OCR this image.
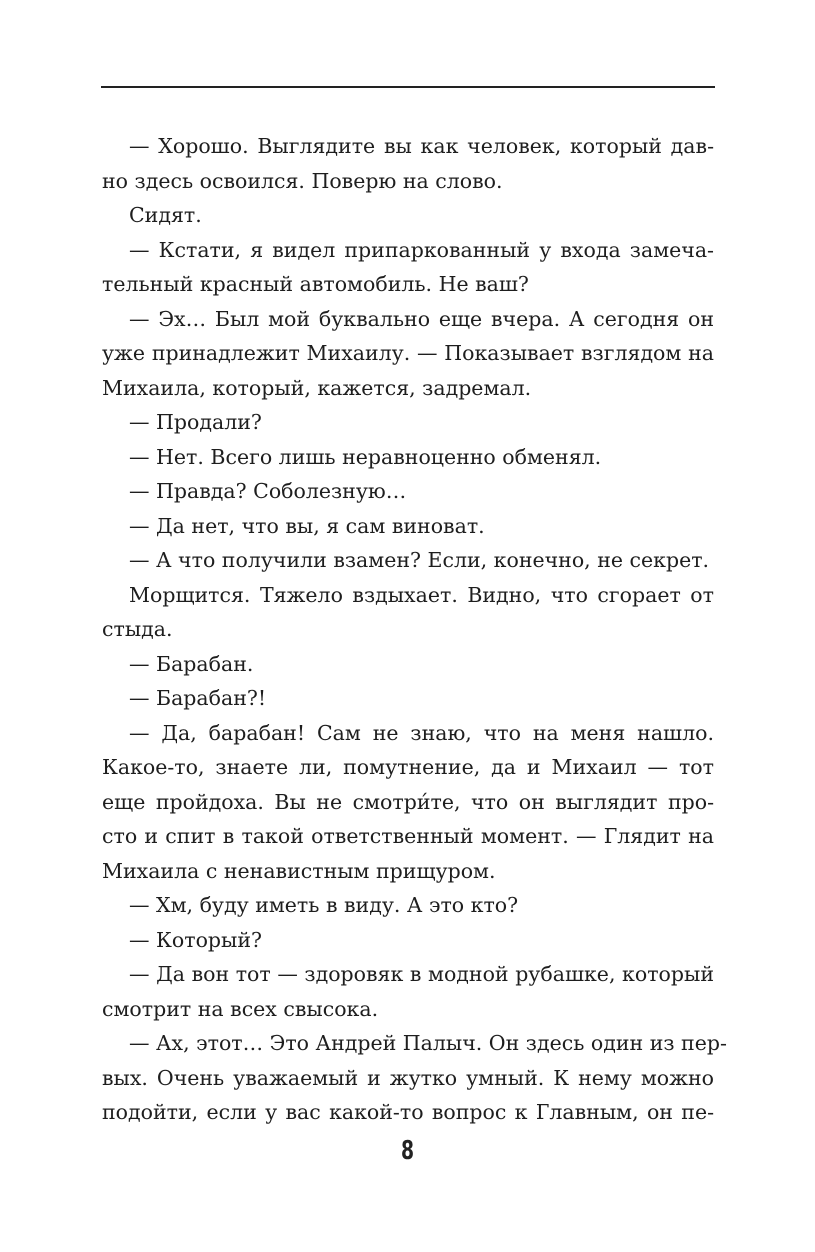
— Хорошо. Выглядите вы как человек, который дав-
но здесь освоился. Поверю на слово.
Сидят.
— Кстати, я видел припаркованный у входа замеча-
тельный красный автомобиль. Не ваш?
— Эх… Был мой буквально еще вчера. А сегодня он
уже принадлежит Михаилу. — Показывает взглядом на
Михаила, который, кажется, задремал.
— Продали?
— Нет. Всего лишь неравноценно обменял.
— Правда? Соболезную…
— Да нет, что вы, я сам виноват.
— А что получили взамен? Если, конечно, не секрет.
Морщится. Тяжело вздыхает. Видно, что сгорает от
стыда.
— Барабан.
— Барабан?!
— Да, барабан! Сам не знаю, что на меня нашло.
Какое-то, знаете ли, помутнение, да и Михаил — тот
еще пройдоха. Вы не смотри́те, что он выглядит про-
сто и спит в такой ответственный момент. — Глядит на
Михаила с ненавистным прищуром.
— Хм, буду иметь в виду. А это кто?
— Который?
— Да вон тот — здоровяк в модной рубашке, который
смотрит на всех свысока.
— Ах, этот… Это Андрей Палыч. Он здесь один из пер-
вых. Очень уважаемый и жутко умный. К нему можно
подойти, если у вас какой-то вопрос к Главным, он пе-
8
